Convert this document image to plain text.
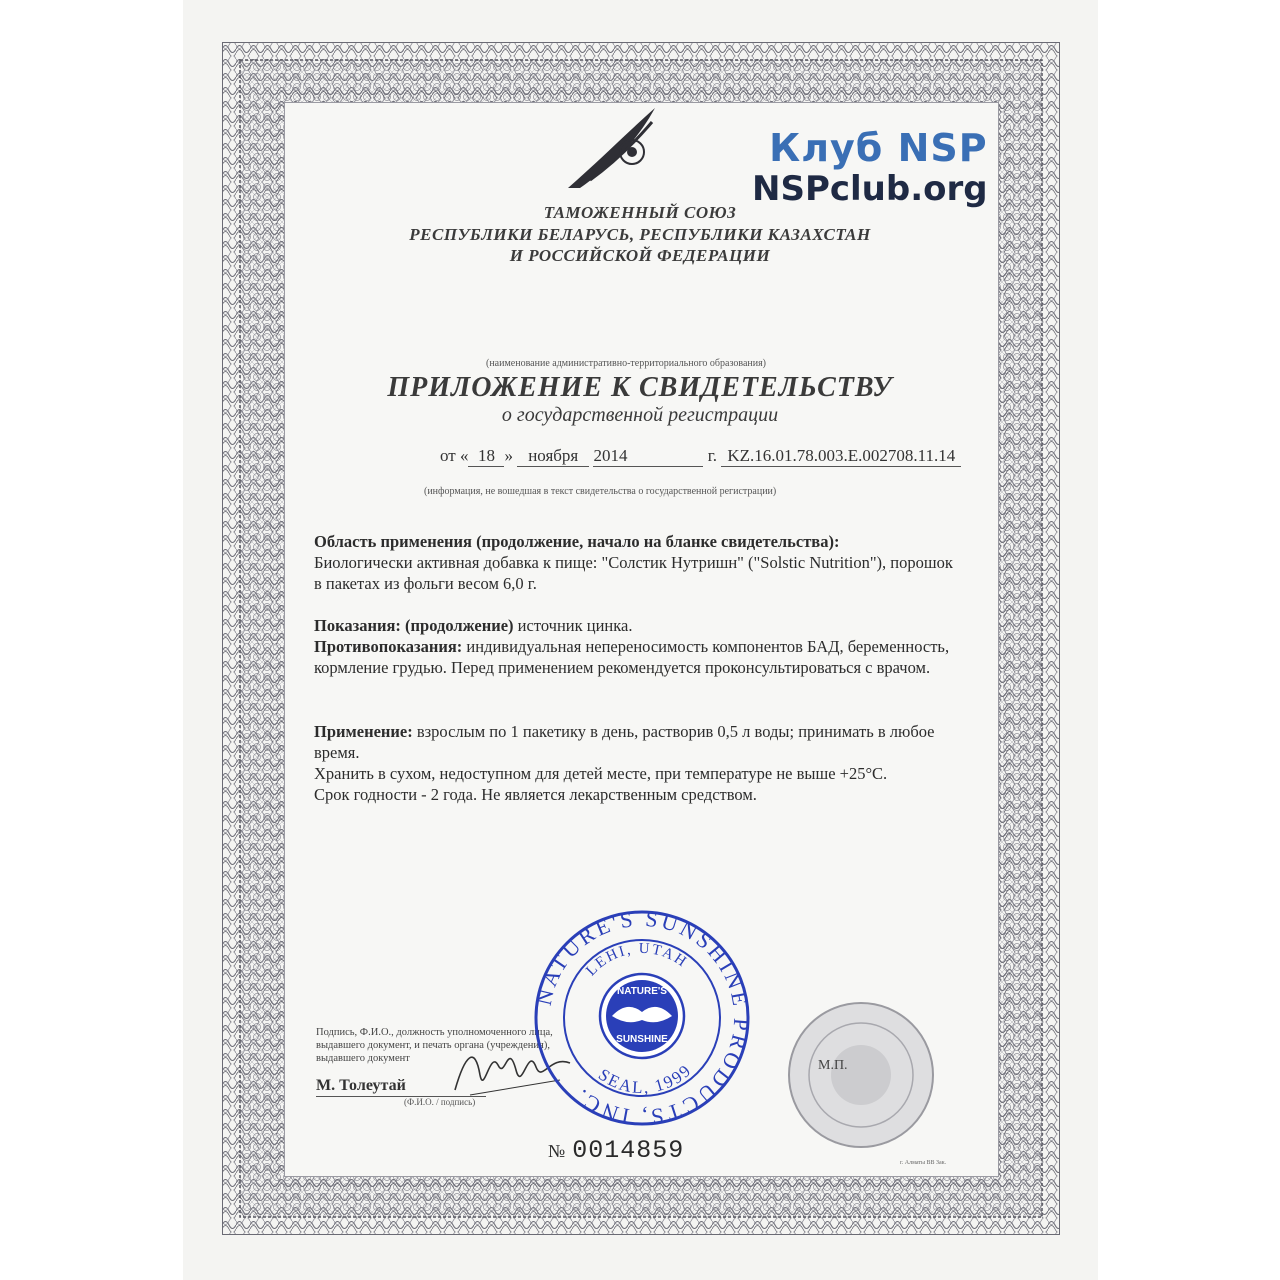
Клуб NSP
NSPclub.org
ТАМОЖЕННЫЙ СОЮЗ
РЕСПУБЛИКИ БЕЛАРУСЬ, РЕСПУБЛИКИ КАЗАХСТАН
И РОССИЙСКОЙ ФЕДЕРАЦИИ
(наименование административно-территориального образования)
ПРИЛОЖЕНИЕ К СВИДЕТЕЛЬСТВУ
о государственной регистрации
от « 18 » ноября 2014	г. KZ.16.01.78.003.E.002708.11.14
(информация, не вошедшая в текст свидетельства о государственной регистрации)

Область применения (продолжение, начало на бланке свидетельства):

Биологически активная добавка к пище: "Солстик Нутришн" ("Solstic Nutrition"), порошок в пакетах из фольги весом 6,0 г.

Показания: (продолжение) источник цинка.

Противопоказания: индивидуальная непереносимость компонентов БАД, беременность, кормление грудью. Перед применением рекомендуется проконсультироваться с врачом.

Применение: взрослым по 1 пакетику в день, растворив 0,5 л воды; принимать в любое время.

Хранить в сухом, недоступном для детей месте, при температуре не выше +25°С.

Срок годности - 2 года. Не является лекарственным средством.

Подпись, Ф.И.О., должность уполномоченного лица,
выдавшего документ, и печать органа (учреждения),
выдавшего документ
М. Толеутай
(Ф.И.О. / подпись)
NATURE'S SUNSHINE PRODUCTS, INC.
LEHI, UTAH
SEAL, 1999
NATURE'S
SUNSHINE
М.П.
№ 0014859	г. Алматы ВВ Зак.
